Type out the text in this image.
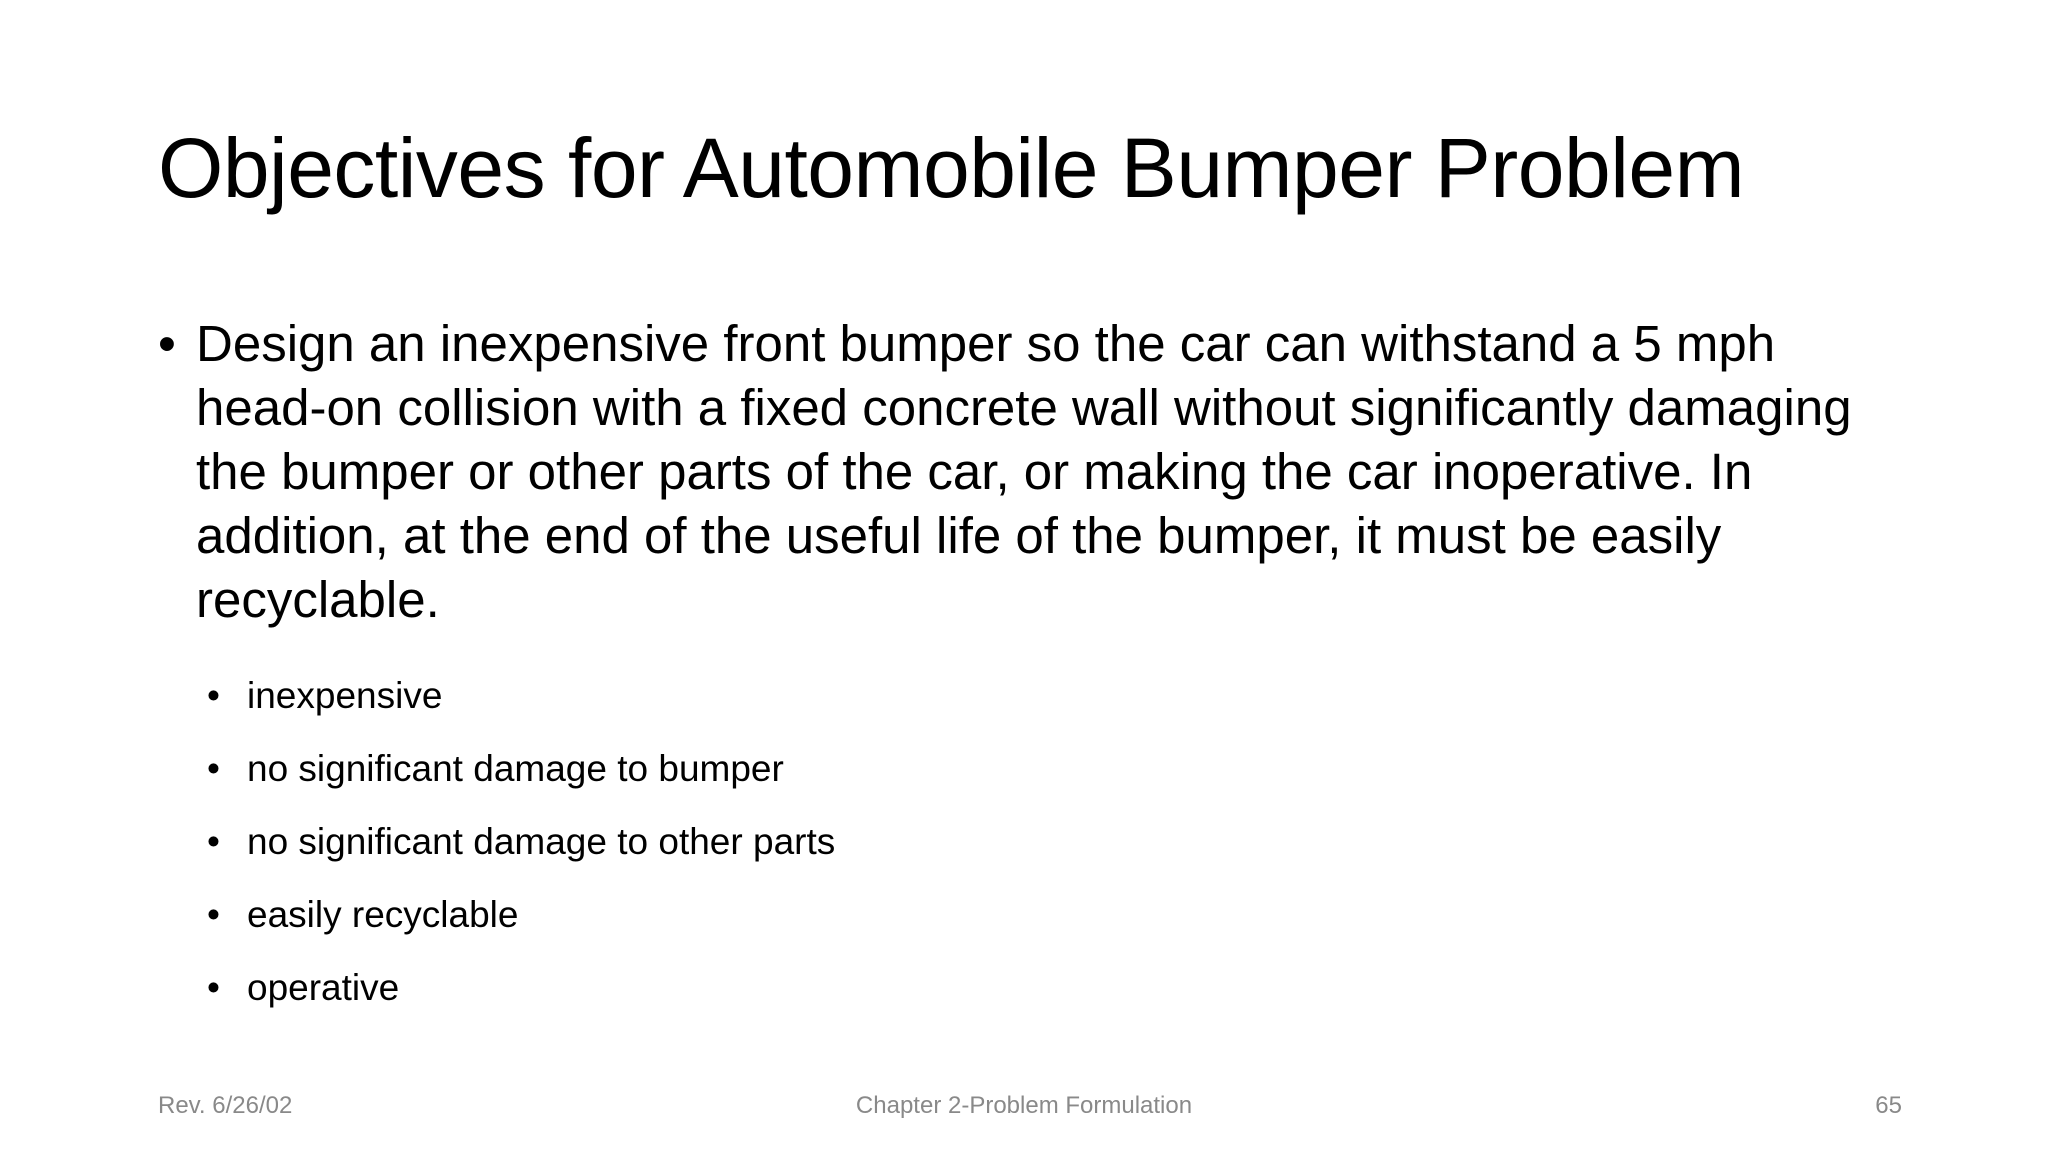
Objectives for Automobile Bumper Problem
• Design an inexpensive front bumper so the car can withstand a 5 mph head-on collision with a fixed concrete wall without significantly damaging the bumper or other parts of the car, or making the car inoperative. In addition, at the end of the useful life of the bumper, it must be easily recyclable.
• inexpensive
• no significant damage to bumper
• no significant damage to other parts
• easily recyclable
• operative
Rev. 6/26/02	Chapter 2-Problem Formulation	65
